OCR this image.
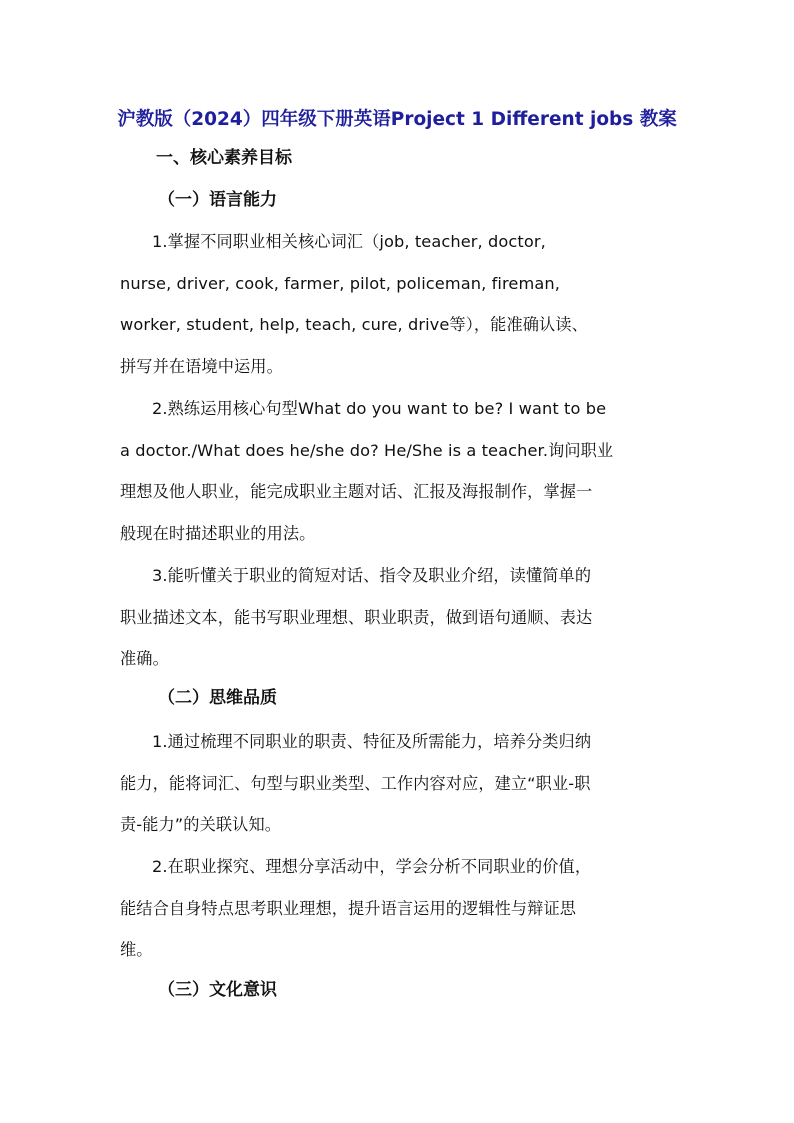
沪教版（2024）四年级下册英语Project 1 Different jobs 教案
一、核心素养目标
（一）语言能力
1.掌握不同职业相关核心词汇（job, teacher, doctor,
nurse, driver, cook, farmer, pilot, policeman, fireman,
worker, student, help, teach, cure, drive等），能准确认读、
拼写并在语境中运用。
2.熟练运用核心句型What do you want to be? I want to be
a doctor./What does he/she do? He/She is a teacher.询问职业
理想及他人职业，能完成职业主题对话、汇报及海报制作，掌握一
般现在时描述职业的用法。
3.能听懂关于职业的简短对话、指令及职业介绍，读懂简单的
职业描述文本，能书写职业理想、职业职责，做到语句通顺、表达
准确。
（二）思维品质
1.通过梳理不同职业的职责、特征及所需能力，培养分类归纳
能力，能将词汇、句型与职业类型、工作内容对应，建立“职业-职
责-能力”的关联认知。
2.在职业探究、理想分享活动中，学会分析不同职业的价值，
能结合自身特点思考职业理想，提升语言运用的逻辑性与辩证思
维。
（三）文化意识
